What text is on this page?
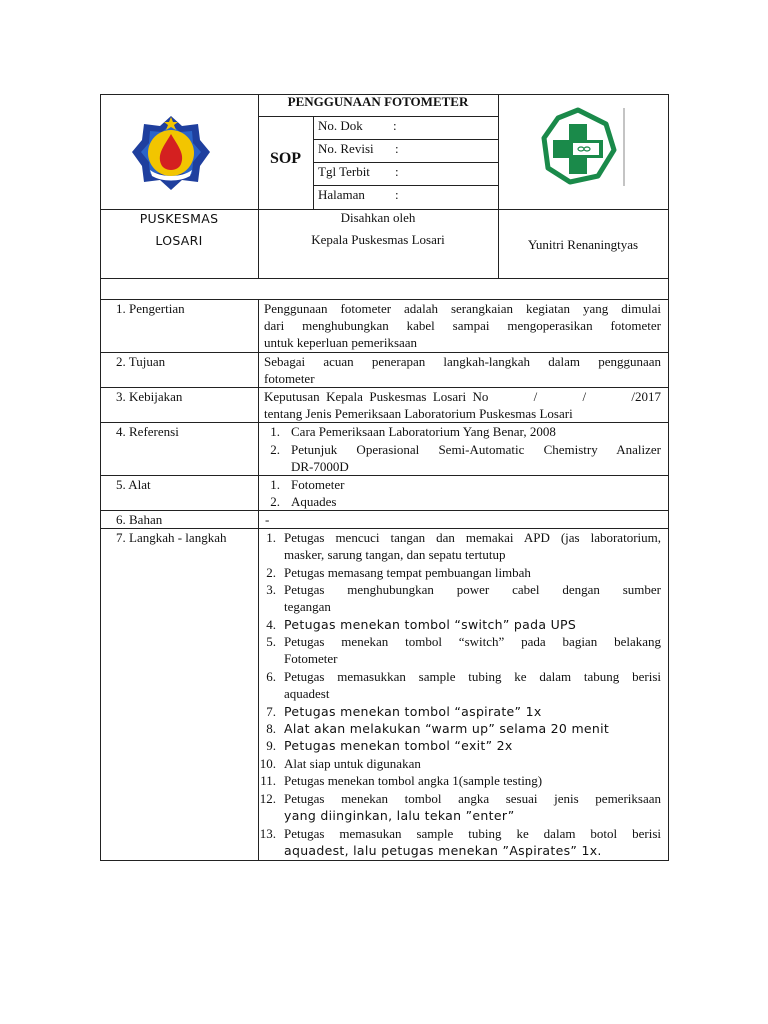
PENGGUNAAN FOTOMETER
SOP
No. Dok :
No. Revisi :
Tgl Terbit :
Halaman :
PUSKESMAS
LOSARI
Disahkan oleh
Kepala Puskesmas Losari	Yunitri Renaningtyas
1. Pengertian
2. Tujuan
3. Kebijakan
4. Referensi
5. Alat
6. Bahan
7. Langkah - langkah
Penggunaan fotometer adalah serangkaian kegiatan yang dimulai
dari menghubungkan kabel sampai mengoperasikan fotometer
untuk keperluan pemeriksaan
Sebagai acuan penerapan langkah-langkah dalam penggunaan
fotometer
Keputusan Kepala Puskesmas Losari No       /       /       /2017
tentang Jenis Pemeriksaan Laboratorium Puskesmas Losari
1. Cara Pemeriksaan Laboratorium Yang Benar, 2008
2. Petunjuk Operasional Semi-Automatic Chemistry Analizer
DR-7000D
1. Fotometer
2. Aquades
-
1. Petugas mencuci tangan dan memakai APD (jas laboratorium,
masker, sarung tangan, dan sepatu tertutup
2. Petugas memasang tempat pembuangan limbah
3. Petugas menghubungkan power cabel dengan sumber
tegangan
4. Petugas menekan tombol “switch” pada UPS
5. Petugas menekan tombol “switch” pada bagian belakang
Fotometer
6. Petugas memasukkan sample tubing ke dalam tabung berisi
aquadest
7. Petugas menekan tombol “aspirate” 1x
8. Alat akan melakukan “warm up” selama 20 menit
9. Petugas menekan tombol “exit” 2x
10. Alat siap untuk digunakan
11. Petugas menekan tombol angka 1(sample testing)
12. Petugas menekan tombol angka sesuai jenis pemeriksaan
yang diinginkan, lalu tekan ”enter”
13. Petugas memasukan sample tubing ke dalam botol berisi
aquadest, lalu petugas menekan ”Aspirates” 1x.
